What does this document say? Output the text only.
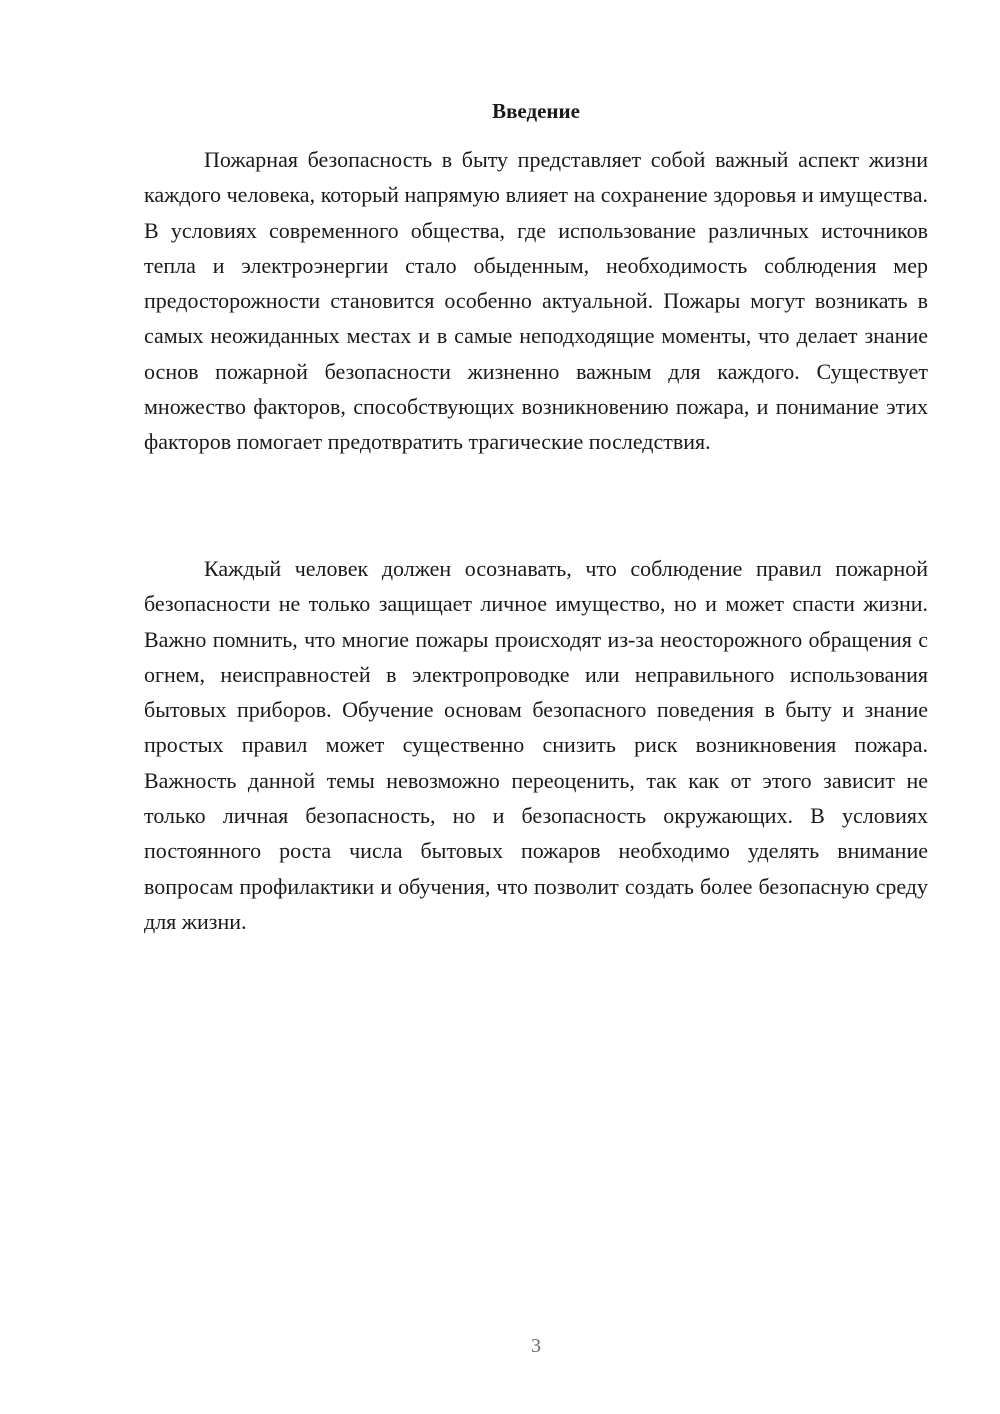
Введение

Пожарная безопасность в быту представляет собой важный аспект жизни каждого человека, который напрямую влияет на сохранение здоровья и имущества. В условиях современного общества, где использование различных источников тепла и электроэнергии стало обыденным, необходимость соблюдения мер предосторожности становится особенно актуальной. Пожары могут возникать в самых неожиданных местах и в самые неподходящие моменты, что делает знание основ пожарной безопасности жизненно важным для каждого. Существует множество факторов, способствующих возникновению пожара, и понимание этих факторов помогает предотвратить трагические последствия.

Каждый человек должен осознавать, что соблюдение правил пожарной безопасности не только защищает личное имущество, но и может спасти жизни. Важно помнить, что многие пожары происходят из-за неосторожного обращения с огнем, неисправностей в электропроводке или неправильного использования бытовых приборов. Обучение основам безопасного поведения в быту и знание простых правил может существенно снизить риск возникновения пожара. Важность данной темы невозможно переоценить, так как от этого зависит не только личная безопасность, но и безопасность окружающих. В условиях постоянного роста числа бытовых пожаров необходимо уделять внимание вопросам профилактики и обучения, что позволит создать более безопасную среду для жизни.

3
